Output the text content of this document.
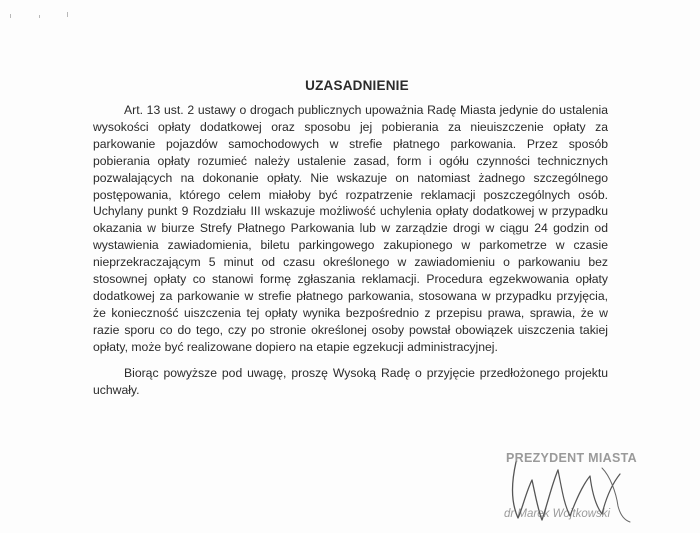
UZASADNIENIE

Art. 13 ust. 2 ustawy o drogach publicznych upoważnia Radę Miasta jedynie do ustalenia wysokości opłaty dodatkowej oraz sposobu jej pobierania za nieuiszczenie opłaty za parkowanie pojazdów samochodowych w strefie płatnego parkowania. Przez sposób pobierania opłaty rozumieć należy ustalenie zasad, form i ogółu czynności technicznych pozwalających na dokonanie opłaty. Nie wskazuje on natomiast żadnego szczególnego postępowania, którego celem miałoby być rozpatrzenie reklamacji poszczególnych osób. Uchylany punkt 9 Rozdziału III wskazuje możliwość uchylenia opłaty dodatkowej w przypadku okazania w biurze Strefy Płatnego Parkowania lub w zarządzie drogi w ciągu 24 godzin od wystawienia zawiadomienia, biletu parkingowego zakupionego w parkometrze w czasie nieprzekraczającym 5 minut od czasu określonego w zawiadomieniu o parkowaniu bez stosownej opłaty co stanowi formę zgłaszania reklamacji. Procedura egzekwowania opłaty dodatkowej za parkowanie w strefie płatnego parkowania, stosowana w przypadku przyjęcia, że konieczność uiszczenia tej opłaty wynika bezpośrednio z przepisu prawa, sprawia, że w razie sporu co do tego, czy po stronie określonej osoby powstał obowiązek uiszczenia takiej opłaty, może być realizowane dopiero na etapie egzekucji administracyjnej.

Biorąc powyższe pod uwagę, proszę Wysoką Radę o przyjęcie przedłożonego projektu uchwały.

PREZYDENT MIASTA
dr Marek Wojtkowski
